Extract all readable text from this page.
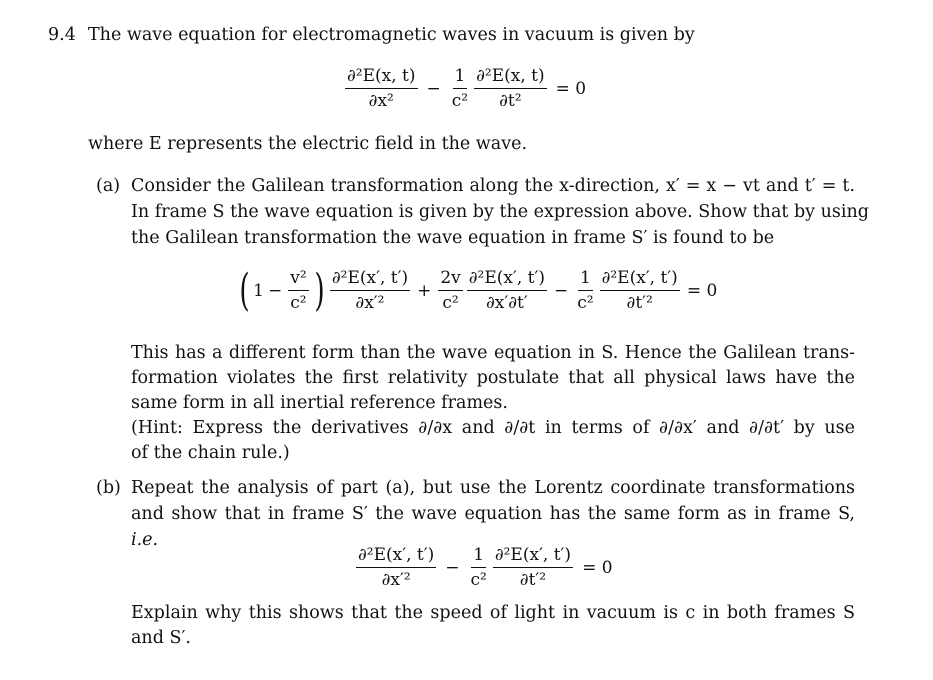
9.4 The wave equation for electromagnetic waves in vacuum is given by
$\frac{\text{∂²E(x, t)}}{\text{∂x²}} - \frac{1}{\text{c²}} \frac{\text{∂²E(x, t)}}{\text{∂t²}} = 0$
where E represents the electric field in the wave.
(a) Consider the Galilean transformation along the x-direction, x′ = x − vt and t′ = t.
In frame S the wave equation is given by the expression above. Show that by using
the Galilean transformation the wave equation in frame S′ is found to be
( $1 - \frac{\text{v²}}{\text{c²}}$ ) $\frac{\text{∂²E(x′, t′)}}{\text{∂x′²}} + \frac{2v}{\text{c²}} \frac{\text{∂²E(x′, t′)}}{\partial x'\partial t'} - \frac{1}{\text{c²}} \frac{\text{∂²E(x′, t′)}}{\text{∂t′²}} = 0$
This has a different form than the wave equation in S. Hence the Galilean trans-
formation violates the first relativity postulate that all physical laws have the
same form in all inertial reference frames.
(Hint: Express the derivatives ∂/∂x and ∂/∂t in terms of ∂/∂x′ and ∂/∂t′ by use
of the chain rule.)
(b) Repeat the analysis of part (a), but use the Lorentz coordinate transformations
and show that in frame S′ the wave equation has the same form as in frame S,
i.e.
$\frac{\text{∂²E(x′, t′)}}{\text{∂x′²}} - \frac{1}{\text{c²}} \frac{\text{∂²E(x′, t′)}}{\text{∂t′²}} = 0$
Explain why this shows that the speed of light in vacuum is c in both frames S
and S′.
